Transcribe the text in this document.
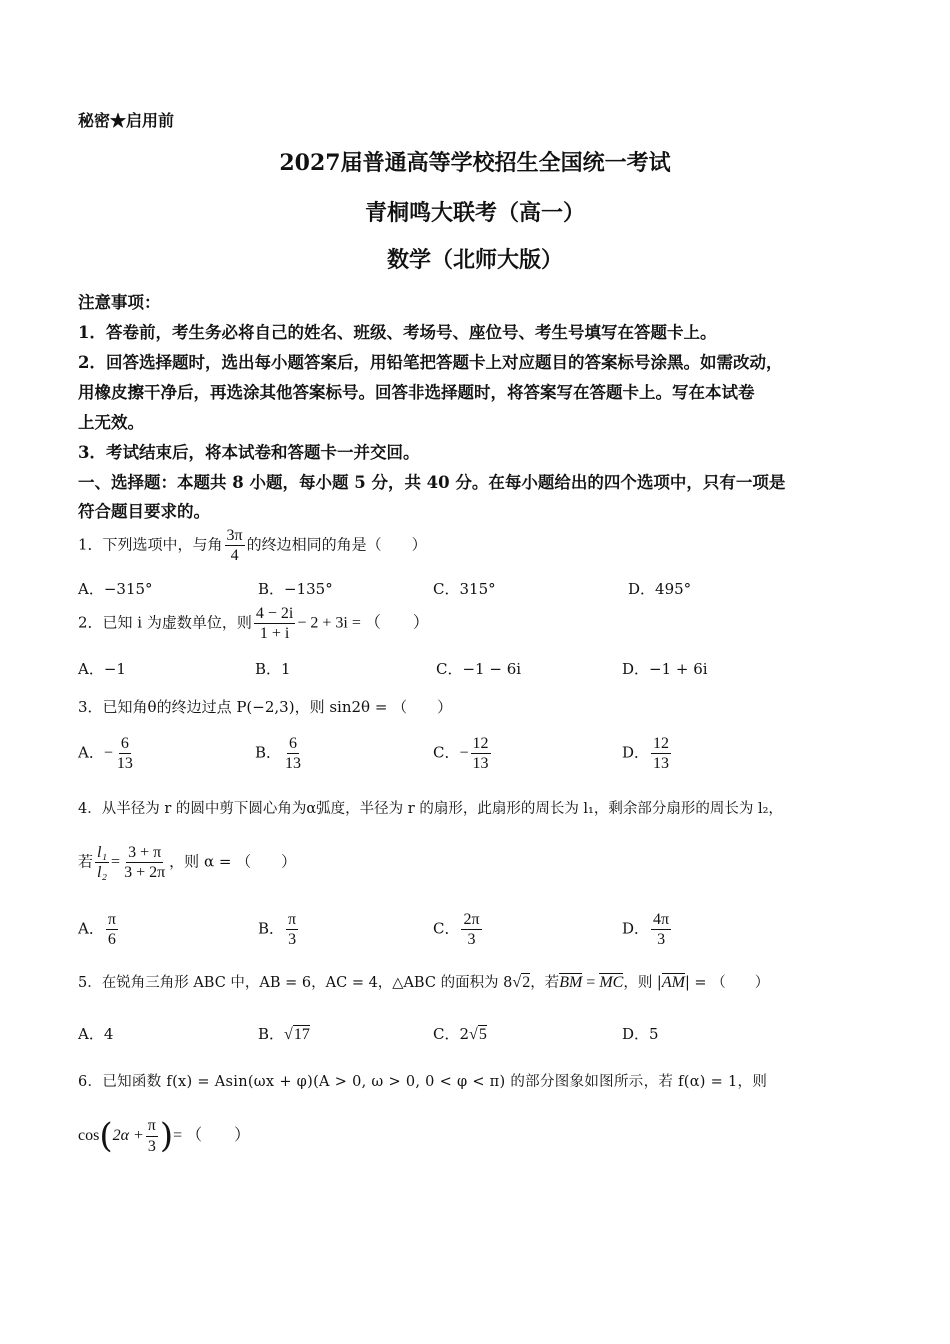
秘密★启用前
2027届普通高等学校招生全国统一考试
青桐鸣大联考（高一）
数学（北师大版）
注意事项：
1．答卷前，考生务必将自己的姓名、班级、考场号、座位号、考生号填写在答题卡上。
2．回答选择题时，选出每小题答案后，用铅笔把答题卡上对应题目的答案标号涂黑。如需改动，
用橡皮擦干净后，再选涂其他答案标号。回答非选择题时，将答案写在答题卡上。写在本试卷
上无效。
3．考试结束后，将本试卷和答题卡一并交回。
一、选择题：本题共 8 小题，每小题 5 分，共 40 分。在每小题给出的四个选项中，只有一项是
符合题目要求的。
1．下列选项中，与角 $\frac{3\pi}{4}$ 的终边相同的角是（　　）
A．−315°	B．−135°	C．315°	D．495°
2．已知 i 为虚数单位，则 $\frac{4 - 2i}{1 + i} - 2 + 3i$ = （　　）
A．−1	B．1	C．−1 − 6i	D．−1 + 6i
3．已知角θ的终边过点 P(−2,3)，则 sin2θ = （　　）
A．− $\frac{6}{13}$	B． $\frac{6}{13}$	C．− $\frac{12}{13}$	D． $\frac{12}{13}$
4．从半径为 r 的圆中剪下圆心角为α弧度，半径为 r 的扇形，此扇形的周长为 l₁，剩余部分扇形的周长为 l₂，
若 $\frac{\text{l₁}}{\text{l₂}} = \frac{3 + \pi}{3 + 2\pi}$ ，则 α = （　　）
A． $\frac{\pi}{6}$	B． $\frac{\pi}{3}$	C． $\frac{2\pi}{3}$	D． $\frac{4\pi}{3}$
5．在锐角三角形 ABC 中，AB = 6，AC = 4，△ABC 的面积为 8√2，若BM = MC，则 |AM| = （　　）
A．4	B．√17	C．2√5	D．5
6．已知函数 f(x) = Asin(ωx + φ)(A > 0, ω > 0, 0 < φ < π) 的部分图象如图所示，若 f(α) = 1，则
$\cos(2\alpha + \frac{\pi}{3}$ )= （　　）
